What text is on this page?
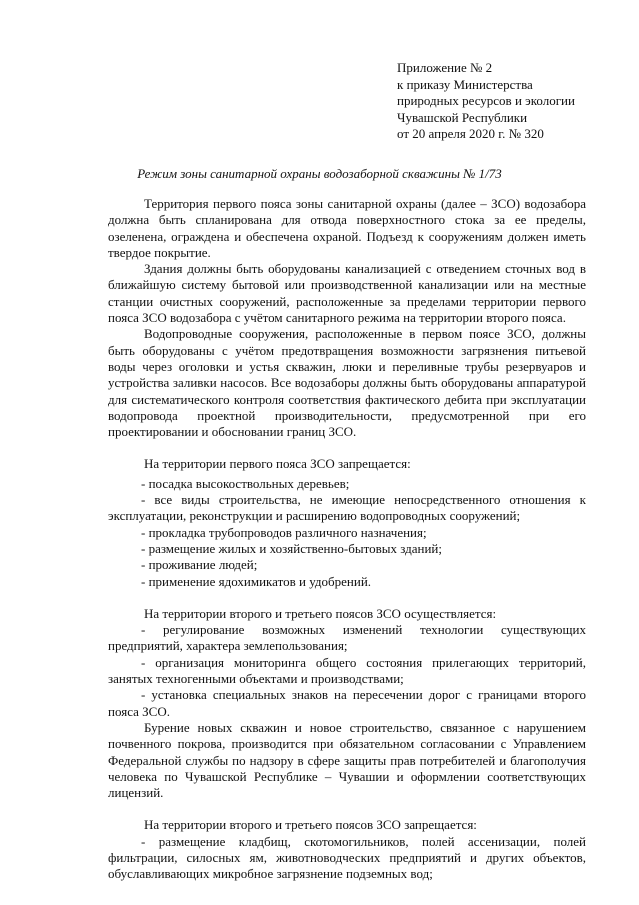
Приложение № 2
к приказу Министерства
природных ресурсов и экологии
Чувашской Республики
от 20 апреля 2020 г. № 320
Режим зоны санитарной охраны водозаборной скважины № 1/73

Территория первого пояса зоны санитарной охраны (далее – ЗСО) водозабора должна быть спланирована для отвода поверхностного стока за ее пределы, озеленена, ограждена и обеспечена охраной. Подъезд к сооружениям должен иметь твердое покрытие.

Здания должны быть оборудованы канализацией с отведением сточных вод в ближайшую систему бытовой или производственной канализации или на местные станции очистных сооружений, расположенные за пределами территории первого пояса ЗСО водозабора с учётом санитарного режима на территории второго пояса.

Водопроводные сооружения, расположенные в первом поясе ЗСО, должны быть оборудованы с учётом предотвращения возможности загрязнения питьевой воды через оголовки и устья скважин, люки и переливные трубы резервуаров и устройства заливки насосов. Все водозаборы должны быть оборудованы аппаратурой для систематического контроля соответствия фактического дебита при эксплуатации водопровода проектной производительности, предусмотренной при его проектировании и обосновании границ ЗСО.

На территории первого пояса ЗСО запрещается:

- посадка высокоствольных деревьев;

- все виды строительства, не имеющие непосредственного отношения к эксплуатации, реконструкции и расширению водопроводных сооружений;

- прокладка трубопроводов различного назначения;

- размещение жилых и хозяйственно-бытовых зданий;

- проживание людей;

- применение ядохимикатов и удобрений.

На территории второго и третьего поясов ЗСО осуществляется:

- регулирование возможных изменений технологии существующих предприятий, характера землепользования;

- организация мониторинга общего состояния прилегающих территорий, занятых техногенными объектами и производствами;

- установка специальных знаков на пересечении дорог с границами второго пояса ЗСО.

Бурение новых скважин и новое строительство, связанное с нарушением почвенного покрова, производится при обязательном согласовании с Управлением Федеральной службы по надзору в сфере защиты прав потребителей и благополучия человека по Чувашской Республике – Чувашии и оформлении соответствующих лицензий.

На территории второго и третьего поясов ЗСО запрещается:

- размещение кладбищ, скотомогильников, полей ассенизации, полей фильтрации, силосных ям, животноводческих предприятий и других объектов, обуславливающих микробное загрязнение подземных вод;
